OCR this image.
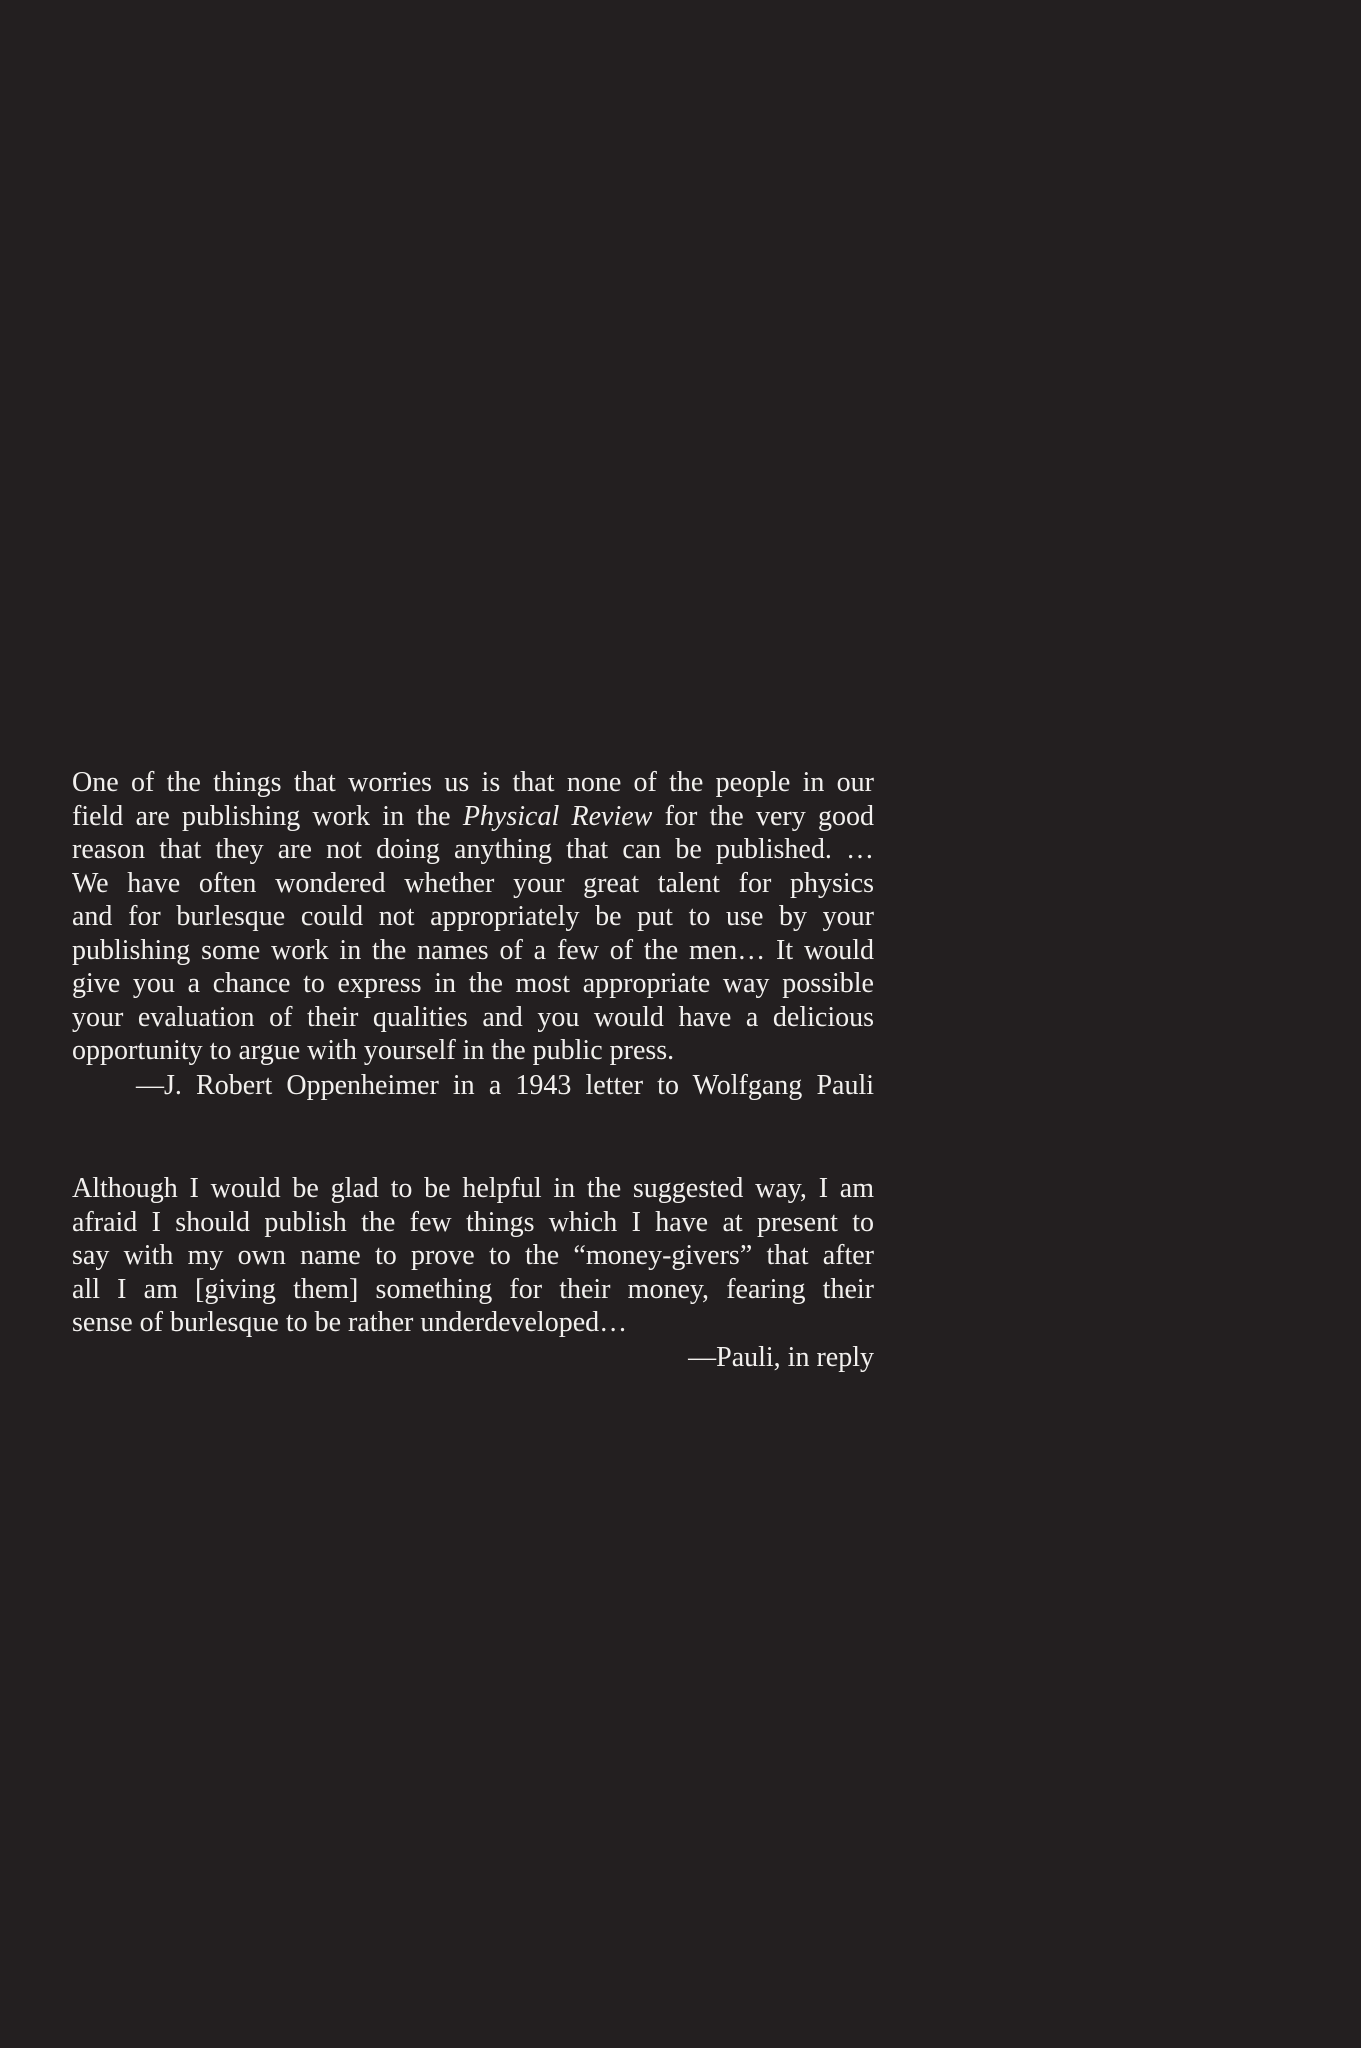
One of the things that worries us is that none of the people in our
field are publishing work in the Physical Review for the very good
reason that they are not doing anything that can be published. …
We have often wondered whether your great talent for physics
and for burlesque could not appropriately be put to use by your
publishing some work in the names of a few of the men… It would
give you a chance to express in the most appropriate way possible
your evaluation of their qualities and you would have a delicious
opportunity to argue with yourself in the public press.
—J. Robert Oppenheimer in a 1943 letter to Wolfgang Pauli
Although I would be glad to be helpful in the suggested way, I am
afraid I should publish the few things which I have at present to
say with my own name to prove to the “money-givers” that after
all I am [giving them] something for their money, fearing their
sense of burlesque to be rather underdeveloped…
—Pauli, in reply
